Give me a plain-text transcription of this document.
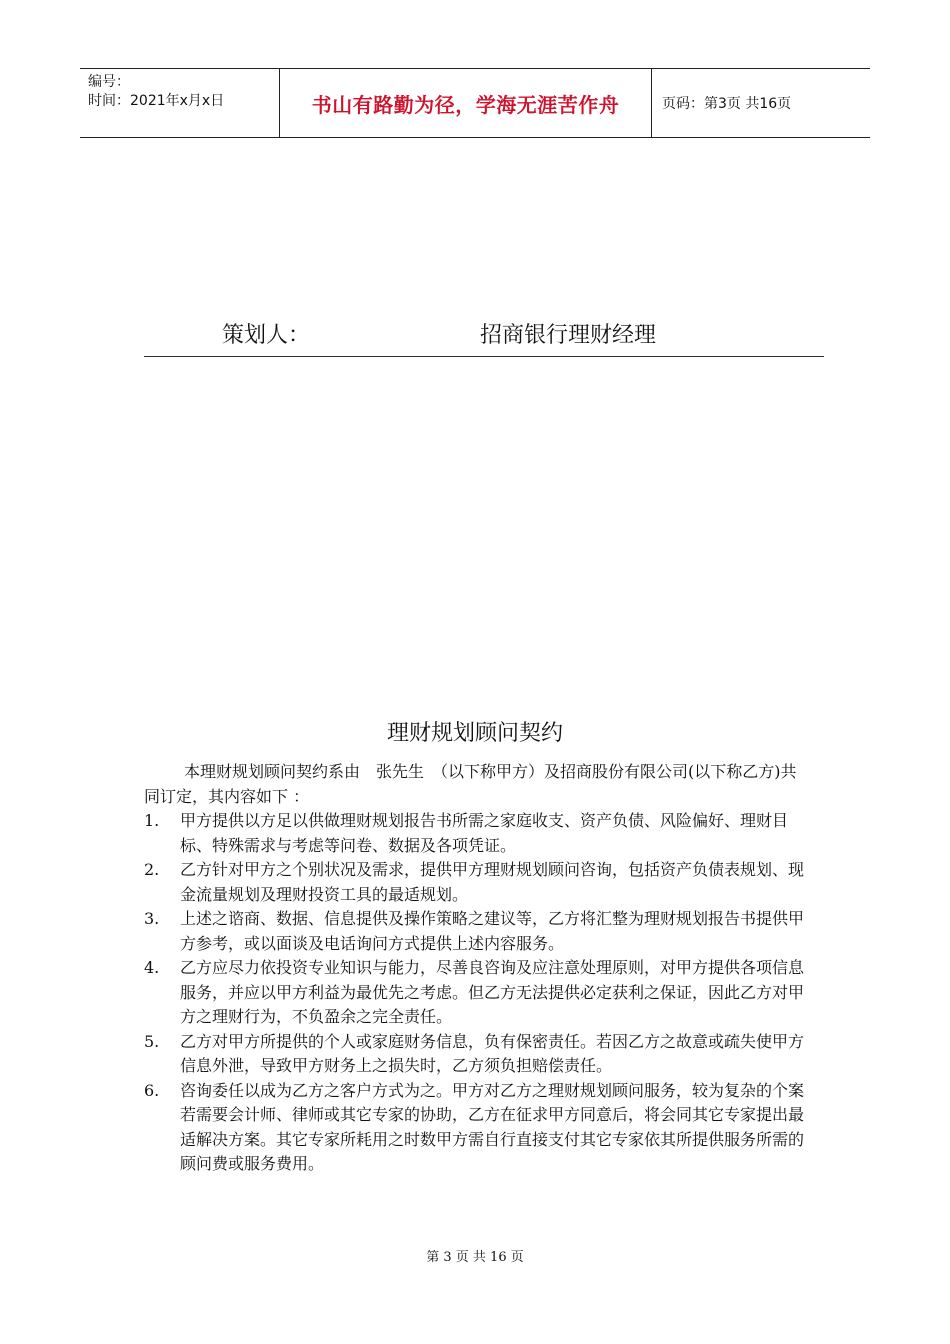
编号：
时间：2021年x月x日	书山有路勤为径，学海无涯苦作舟	页码：第3页 共16页
策划人：	招商银行理财经理
理财规划顾问契约

本理财规划顾问契约系由　张先生　（以下称甲方）及招商股份有限公司(以下称乙方)共同订定，其内容如下 ：

1. 甲方提供以方足以供做理财规划报告书所需之家庭收支、资产负债、风险偏好、理财目标、特殊需求与考虑等问卷、数据及各项凭证。
2. 乙方针对甲方之个别状况及需求，提供甲方理财规划顾问咨询，包括资产负债表规划、现金流量规划及理财投资工具的最适规划。
3. 上述之谘商、数据、信息提供及操作策略之建议等，乙方将汇整为理财规划报告书提供甲方参考，或以面谈及电话询问方式提供上述内容服务。
4. 乙方应尽力依投资专业知识与能力，尽善良咨询及应注意处理原则，对甲方提供各项信息服务，并应以甲方利益为最优先之考虑。但乙方无法提供必定获利之保证，因此乙方对甲方之理财行为，不负盈余之完全责任。
5. 乙方对甲方所提供的个人或家庭财务信息，负有保密责任。若因乙方之故意或疏失使甲方信息外泄，导致甲方财务上之损失时，乙方须负担赔偿责任。
6. 咨询委任以成为乙方之客户方式为之。甲方对乙方之理财规划顾问服务，较为复杂的个案若需要会计师、律师或其它专家的协助，乙方在征求甲方同意后，将会同其它专家提出最适解决方案。其它专家所耗用之时数甲方需自行直接支付其它专家依其所提供服务所需的顾问费或服务费用。
第 3 页 共 16 页
